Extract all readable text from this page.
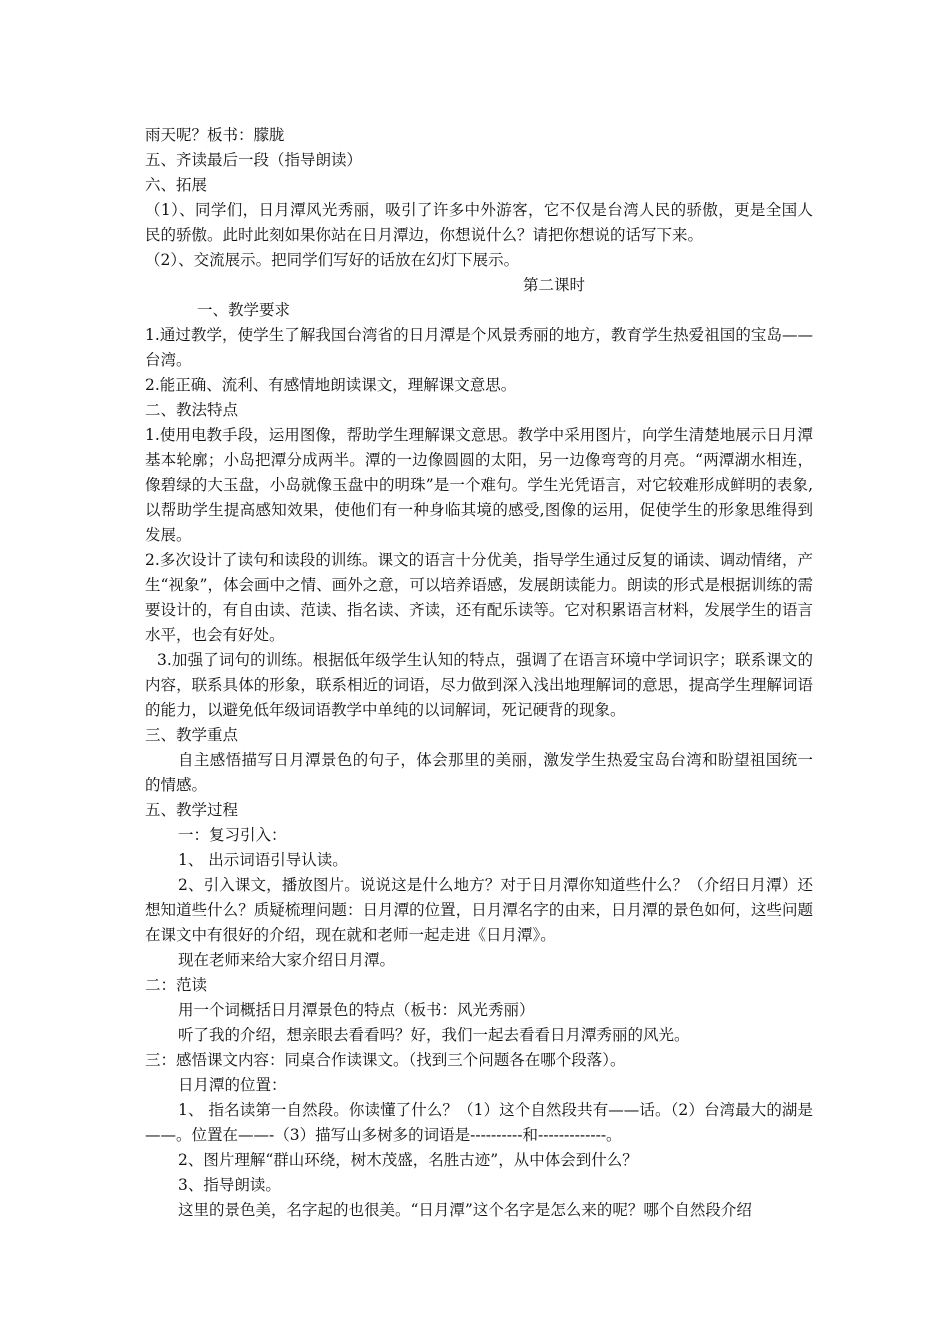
雨天呢？板书：朦胧

五、齐读最后一段（指导朗读）

六、拓展

（1）、同学们，日月潭风光秀丽，吸引了许多中外游客，它不仅是台湾人民的骄傲，更是全国人民的骄傲。此时此刻如果你站在日月潭边，你想说什么？请把你想说的话写下来。

（2）、交流展示。把同学们写好的话放在幻灯下展示。

第二课时

一、教学要求

1.通过教学，使学生了解我国台湾省的日月潭是个风景秀丽的地方，教育学生热爱祖国的宝岛——台湾。

2.能正确、流利、有感情地朗读课文，理解课文意思。

二、教法特点

1.使用电教手段，运用图像，帮助学生理解课文意思。教学中采用图片，向学生清楚地展示日月潭基本轮廓；小岛把潭分成两半。潭的一边像圆圆的太阳，另一边像弯弯的月亮。“两潭湖水相连，像碧绿的大玉盘，小岛就像玉盘中的明珠”是一个难句。学生光凭语言，对它较难形成鲜明的表象,以帮助学生提高感知效果，使他们有一种身临其境的感受,图像的运用，促使学生的形象思维得到发展。

2.多次设计了读句和读段的训练。课文的语言十分优美，指导学生通过反复的诵读、调动情绪，产生“视象”，体会画中之情、画外之意，可以培养语感，发展朗读能力。朗读的形式是根据训练的需要设计的，有自由读、范读、指名读、齐读，还有配乐读等。它对积累语言材料，发展学生的语言水平，也会有好处。

3.加强了词句的训练。根据低年级学生认知的特点，强调了在语言环境中学词识字；联系课文的内容，联系具体的形象，联系相近的词语，尽力做到深入浅出地理解词的意思，提高学生理解词语的能力，以避免低年级词语教学中单纯的以词解词，死记硬背的现象。

三、教学重点

自主感悟描写日月潭景色的句子，体会那里的美丽，激发学生热爱宝岛台湾和盼望祖国统一的情感。

五、教学过程

一：复习引入：

1、 出示词语引导认读。

2、引入课文，播放图片。说说这是什么地方？对于日月潭你知道些什么？（介绍日月潭）还想知道些什么？质疑梳理问题：日月潭的位置，日月潭名字的由来，日月潭的景色如何，这些问题在课文中有很好的介绍，现在就和老师一起走进《日月潭》。

现在老师来给大家介绍日月潭。

二：范读

用一个词概括日月潭景色的特点（板书：风光秀丽）

听了我的介绍，想亲眼去看看吗？好，我们一起去看看日月潭秀丽的风光。

三：感悟课文内容：同桌合作读课文。（找到三个问题各在哪个段落）。

日月潭的位置：

1、 指名读第一自然段。你读懂了什么？（1）这个自然段共有——话。（2）台湾最大的湖是——。位置在——-（3）描写山多树多的词语是----------和-------------。

2、图片理解“群山环绕，树木茂盛，名胜古迹”，从中体会到什么？

3、指导朗读。

这里的景色美，名字起的也很美。“日月潭”这个名字是怎么来的呢？哪个自然段介绍
